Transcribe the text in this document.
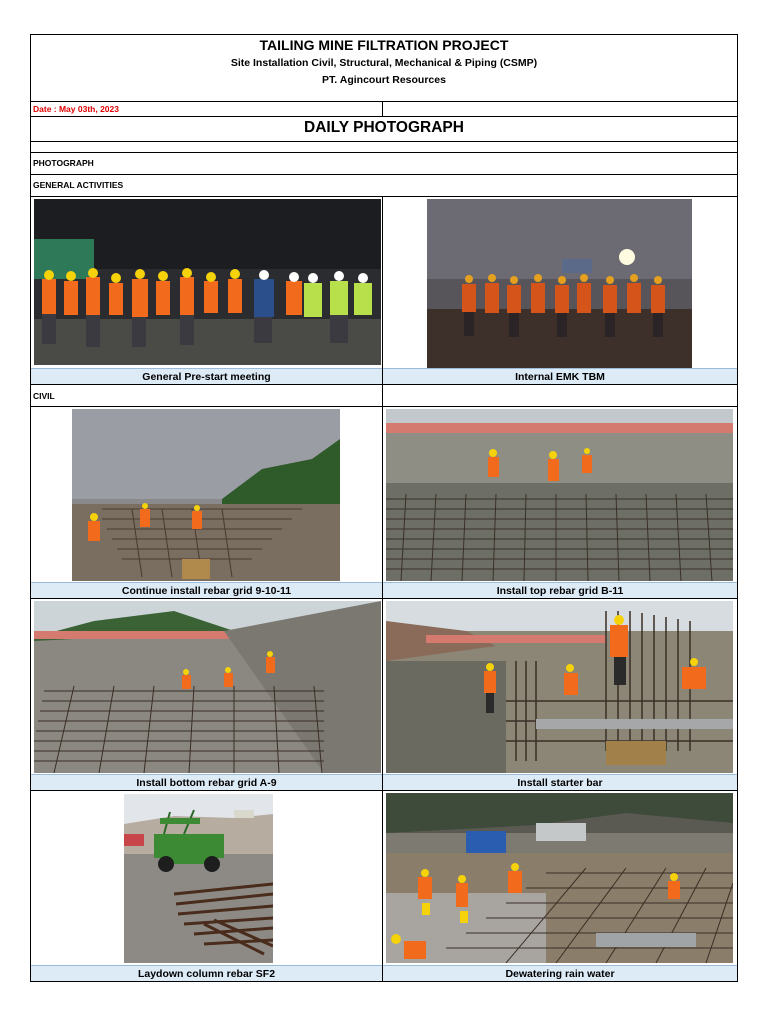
TAILING MINE FILTRATION PROJECT
Site Installation Civil, Structural, Mechanical & Piping (CSMP)
PT. Agincourt Resources
Date : May 03th, 2023
DAILY PHOTOGRAPH
PHOTOGRAPH
GENERAL ACTIVITIES
General Pre-start meeting	Internal EMK TBM
CIVIL
Continue install rebar grid 9-10-11	Install top rebar grid B-11
Install bottom rebar grid A-9	Install starter bar
Laydown column rebar SF2	Dewatering rain water
